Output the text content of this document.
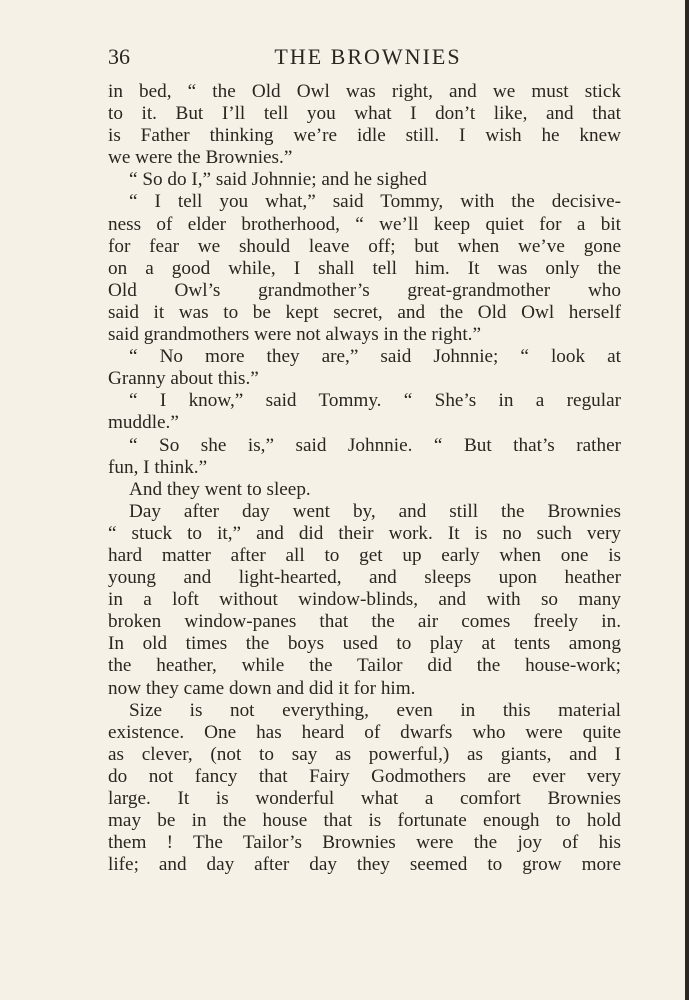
36	THE BROWNIES
in bed, “ the Old Owl was right, and we must stick
to it. But I’ll tell you what I don’t like, and that
is Father thinking we’re idle still. I wish he knew
we were the Brownies.”
“ So do I,” said Johnnie; and he sighed
“ I tell you what,” said Tommy, with the decisive-
ness of elder brotherhood, “ we’ll keep quiet for a bit
for fear we should leave off; but when we’ve gone
on a good while, I shall tell him. It was only the
Old Owl’s grandmother’s great-grandmother who
said it was to be kept secret, and the Old Owl herself
said grandmothers were not always in the right.”
“ No more they are,” said Johnnie; “ look at
Granny about this.”
“ I know,” said Tommy. “ She’s in a regular
muddle.”
“ So she is,” said Johnnie. “ But that’s rather
fun, I think.”
And they went to sleep.
Day after day went by, and still the Brownies
“ stuck to it,” and did their work. It is no such very
hard matter after all to get up early when one is
young and light-hearted, and sleeps upon heather
in a loft without window-blinds, and with so many
broken window-panes that the air comes freely in.
In old times the boys used to play at tents among
the heather, while the Tailor did the house-work;
now they came down and did it for him.
Size is not everything, even in this material
existence. One has heard of dwarfs who were quite
as clever, (not to say as powerful,) as giants, and I
do not fancy that Fairy Godmothers are ever very
large. It is wonderful what a comfort Brownies
may be in the house that is fortunate enough to hold
them ! The Tailor’s Brownies were the joy of his
life; and day after day they seemed to grow more
